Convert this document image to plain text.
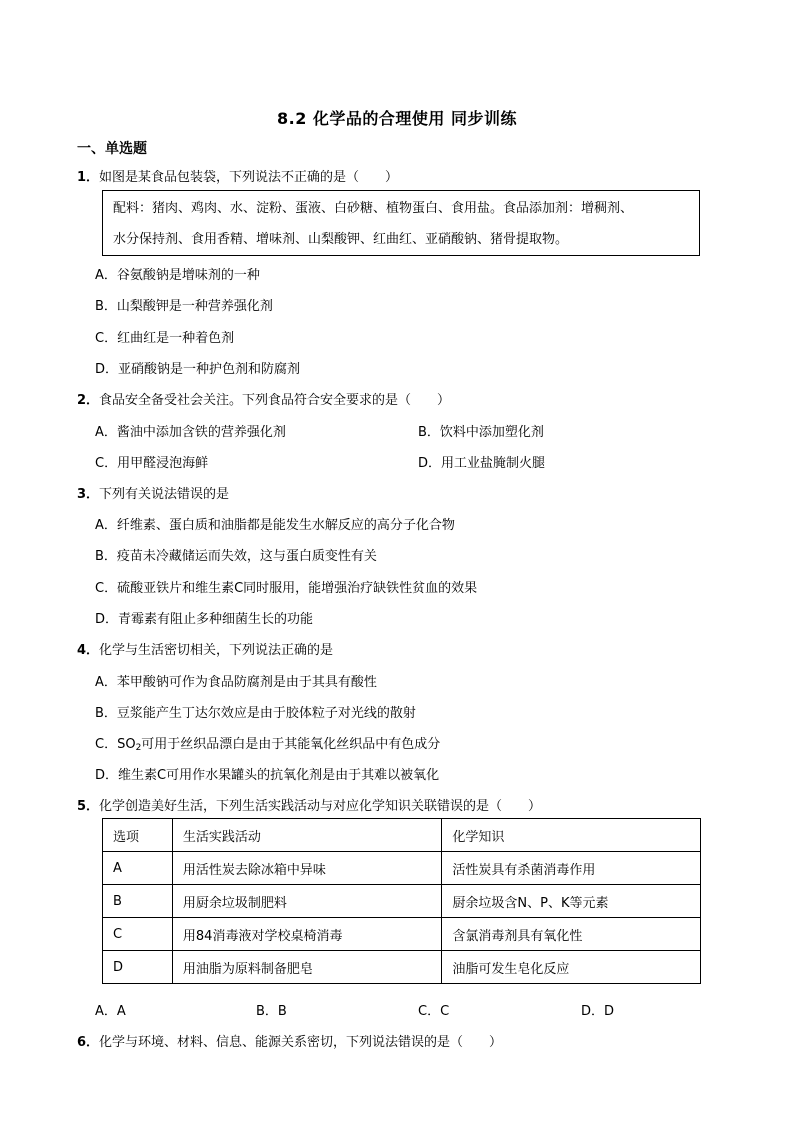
8.2 化学品的合理使用 同步训练
一、单选题
1．如图是某食品包装袋，下列说法不正确的是（　　）
配料：猪肉、鸡肉、水、淀粉、蛋液、白砂糖、植物蛋白、食用盐。食品添加剂：增稠剂、
水分保持剂、食用香精、增味剂、山梨酸钾、红曲红、亚硝酸钠、猪骨提取物。
A．谷氨酸钠是增味剂的一种
B．山梨酸钾是一种营养强化剂
C．红曲红是一种着色剂
D．亚硝酸钠是一种护色剂和防腐剂
2．食品安全备受社会关注。下列食品符合安全要求的是（　　）
A．酱油中添加含铁的营养强化剂	B．饮料中添加塑化剂
C．用甲醛浸泡海鲜	D．用工业盐腌制火腿
3．下列有关说法错误的是
A．纤维素、蛋白质和油脂都是能发生水解反应的高分子化合物
B．疫苗未冷藏储运而失效，这与蛋白质变性有关
C．硫酸亚铁片和维生素C同时服用，能增强治疗缺铁性贫血的效果
D．青霉素有阻止多种细菌生长的功能
4．化学与生活密切相关，下列说法正确的是
A．苯甲酸钠可作为食品防腐剂是由于其具有酸性
B．豆浆能产生丁达尔效应是由于胶体粒子对光线的散射
C．$SO_2$可用于丝织品漂白是由于其能氧化丝织品中有色成分
D．维生素C可用作水果罐头的抗氧化剂是由于其难以被氧化
5．化学创造美好生活，下列生活实践活动与对应化学知识关联错误的是（　　）
选项	生活实践活动	化学知识
A	用活性炭去除冰箱中异味	活性炭具有杀菌消毒作用
B	用厨余垃圾制肥料	厨余垃圾含N、P、K等元素
C	用84消毒液对学校桌椅消毒	含氯消毒剂具有氧化性
D	用油脂为原料制备肥皂	油脂可发生皂化反应
A．A	B．B	C．C	D．D
6．化学与环境、材料、信息、能源关系密切，下列说法错误的是（　　）
